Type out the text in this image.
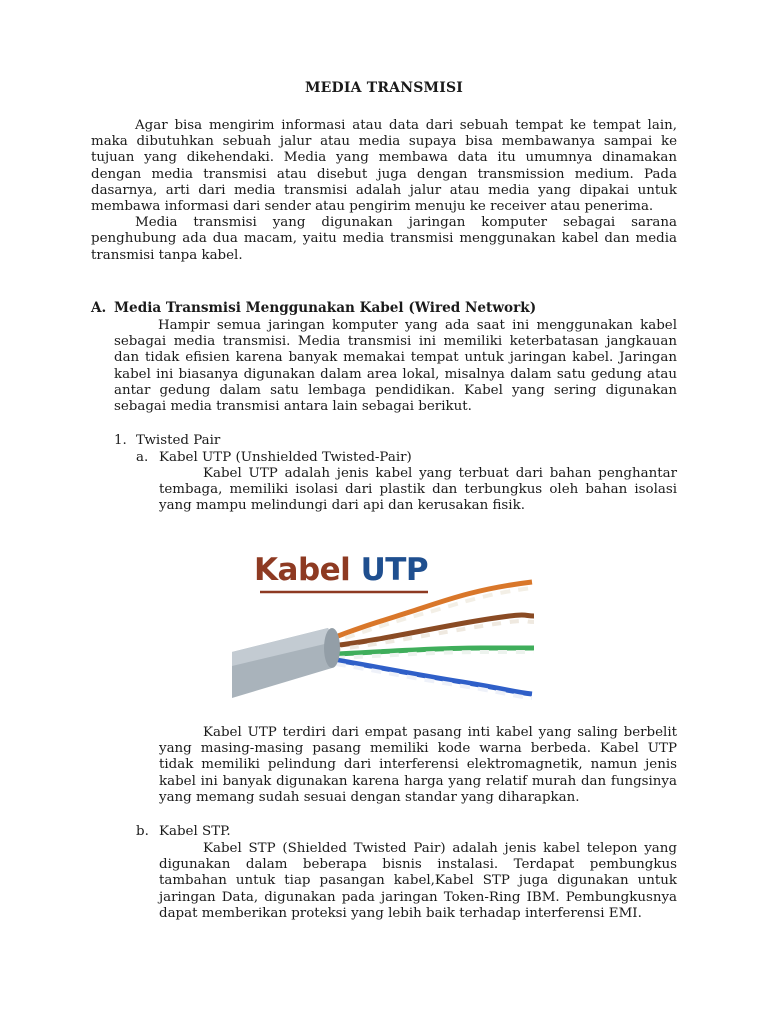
MEDIA TRANSMISI

Agar bisa mengirim informasi atau data dari sebuah tempat ke tempat lain, maka dibutuhkan sebuah jalur atau media supaya bisa membawanya sampai ke tujuan yang dikehendaki. Media yang membawa data itu umumnya dinamakan dengan media transmisi atau disebut juga dengan transmission medium. Pada dasarnya, arti dari media transmisi adalah jalur atau media yang dipakai untuk membawa informasi dari sender atau pengirim menuju ke receiver atau penerima.

Media transmisi yang digunakan jaringan komputer sebagai sarana penghubung ada dua macam, yaitu media transmisi menggunakan kabel dan media transmisi tanpa kabel.

A. Media Transmisi Menggunakan Kabel (Wired Network)

Hampir semua jaringan komputer yang ada saat ini menggunakan kabel sebagai media transmisi. Media transmisi ini memiliki keterbatasan jangkauan dan tidak efisien karena banyak memakai tempat untuk jaringan kabel. Jaringan kabel ini biasanya digunakan dalam area lokal, misalnya dalam satu gedung atau antar gedung dalam satu lembaga pendidikan. Kabel yang sering digunakan sebagai media transmisi antara lain sebagai berikut.

1. Twisted Pair
a. Kabel UTP (Unshielded Twisted-Pair)

Kabel UTP adalah jenis kabel yang terbuat dari bahan penghantar tembaga, memiliki isolasi dari plastik dan terbungkus oleh bahan isolasi yang mampu melindungi dari api dan kerusakan fisik.

Kabel UTP

Kabel UTP terdiri dari empat pasang inti kabel yang saling berbelit yang masing-masing pasang memiliki kode warna berbeda. Kabel UTP tidak memiliki pelindung dari interferensi elektromagnetik, namun jenis kabel ini banyak digunakan karena harga yang relatif murah dan fungsinya yang memang sudah sesuai dengan standar yang diharapkan.

b. Kabel STP.

Kabel STP (Shielded Twisted Pair) adalah jenis kabel telepon yang digunakan dalam beberapa bisnis instalasi. Terdapat pembungkus tambahan untuk tiap pasangan kabel,Kabel STP juga digunakan untuk jaringan Data, digunakan pada jaringan Token-Ring IBM. Pembungkusnya dapat memberikan proteksi yang lebih baik terhadap interferensi EMI.
